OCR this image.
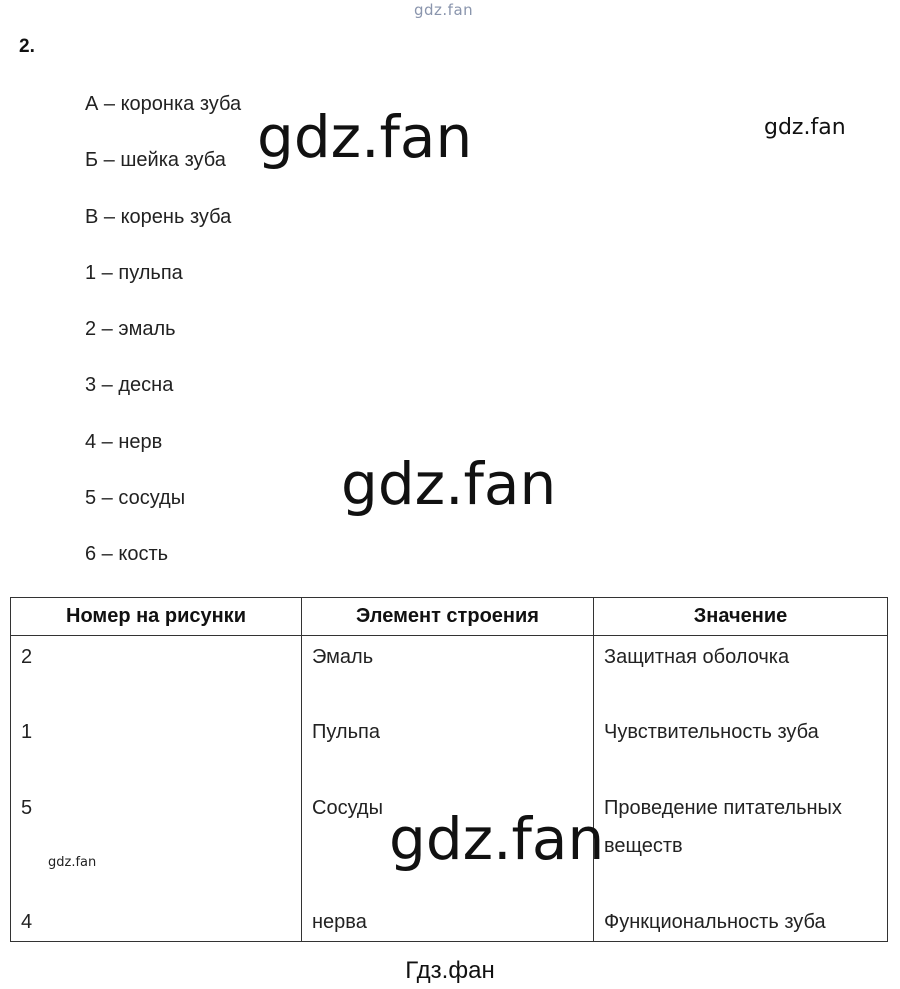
gdz.fan
2.
А – коронка зуба
Б – шейка зуба
В – корень зуба
1 – пульпа
2 – эмаль
3 – десна
4 – нерв
5 – сосуды
6 – кость
gdz.fan	gdz.fan
gdz.fan
Номер на рисунки	Элемент строения	Значение
2	Эмаль	Защитная оболочка
1	Пульпа	Чувствительность зуба
5	Сосуды	Проведение питательных веществ
4	нерва	Функциональность зуба
gdz.fan
gdz.fan
Гдз.фан
